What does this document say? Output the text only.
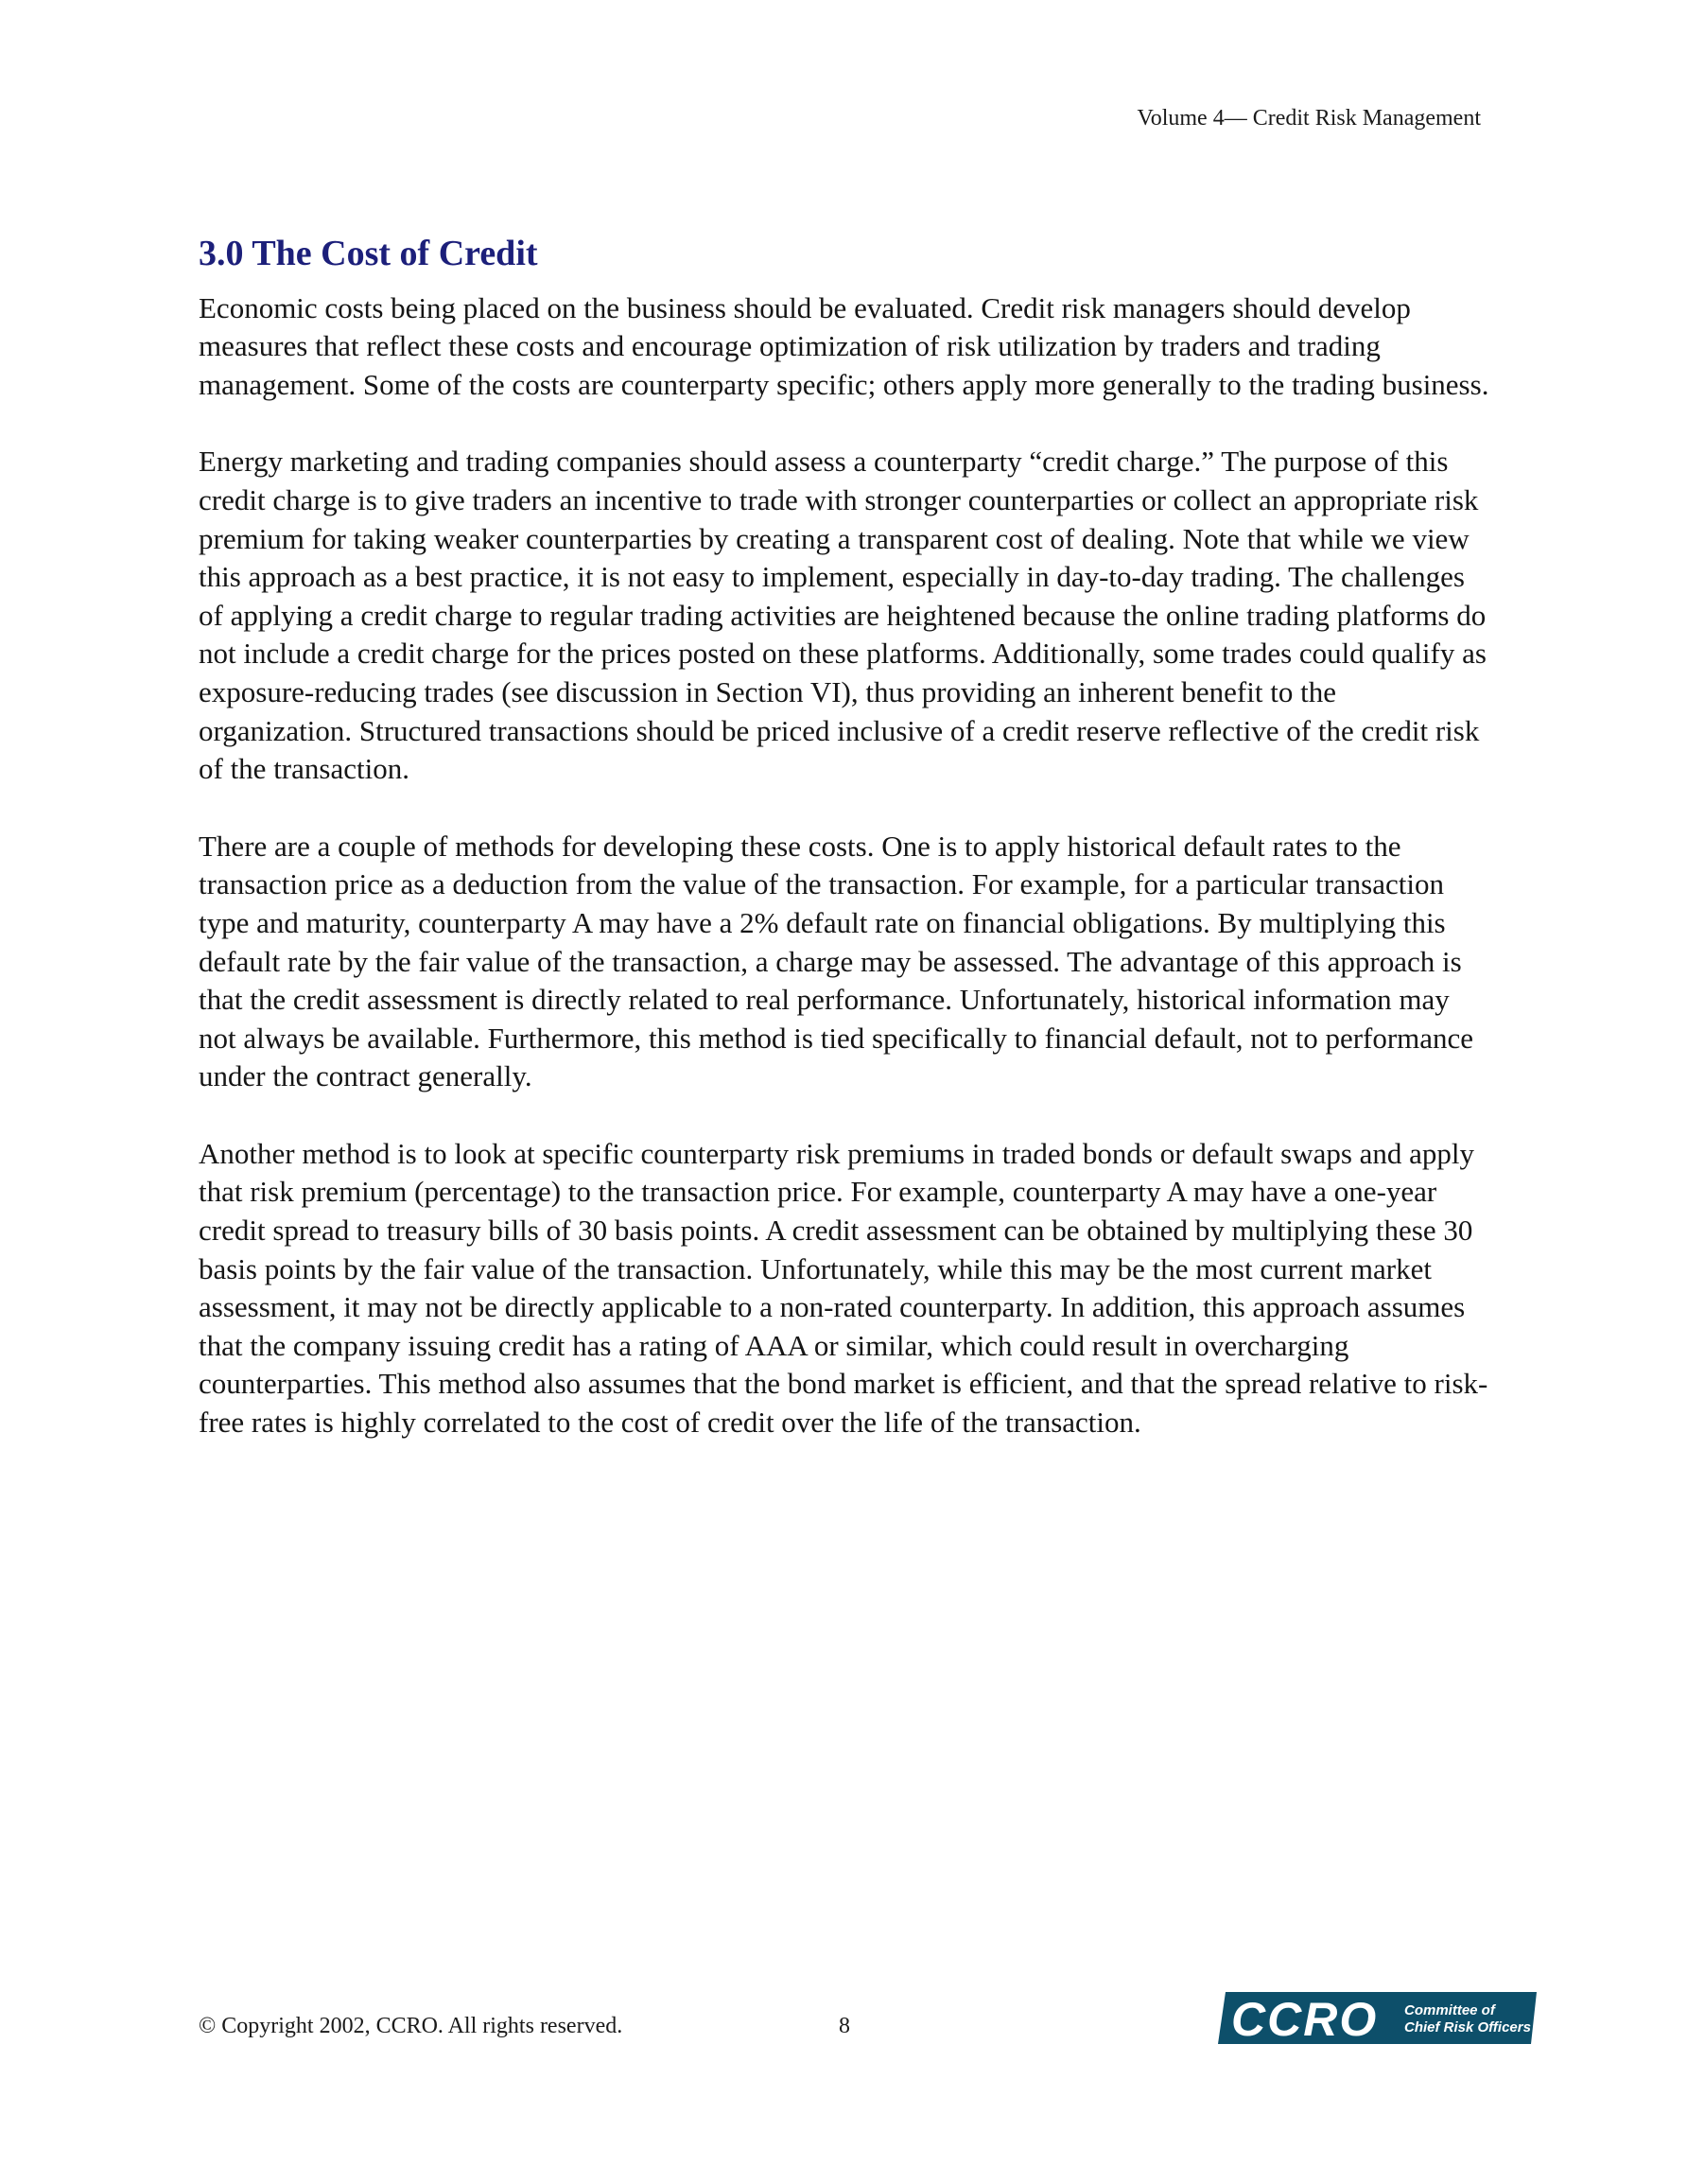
Volume 4— Credit Risk Management
3.0 The Cost of Credit

Economic costs being placed on the business should be evaluated. Credit risk managers should develop measures that reflect these costs and encourage optimization of risk utilization by traders and trading management. Some of the costs are counterparty specific; others apply more generally to the trading business.

Energy marketing and trading companies should assess a counterparty “credit charge.” The purpose of this credit charge is to give traders an incentive to trade with stronger counterparties or collect an appropriate risk premium for taking weaker counterparties by creating a transparent cost of dealing. Note that while we view this approach as a best practice, it is not easy to implement, especially in day-to-day trading. The challenges of applying a credit charge to regular trading activities are heightened because the online trading platforms do not include a credit charge for the prices posted on these platforms. Additionally, some trades could qualify as exposure-reducing trades (see discussion in Section VI), thus providing an inherent benefit to the organization. Structured transactions should be priced inclusive of a credit reserve reflective of the credit risk of the transaction.

There are a couple of methods for developing these costs. One is to apply historical default rates to the transaction price as a deduction from the value of the transaction. For example, for a particular transaction type and maturity, counterparty A may have a 2% default rate on financial obligations. By multiplying this default rate by the fair value of the transaction, a charge may be assessed. The advantage of this approach is that the credit assessment is directly related to real performance. Unfortunately, historical information may not always be available. Furthermore, this method is tied specifically to financial default, not to performance under the contract generally.

Another method is to look at specific counterparty risk premiums in traded bonds or default swaps and apply that risk premium (percentage) to the transaction price. For example, counterparty A may have a one-year credit spread to treasury bills of 30 basis points. A credit assessment can be obtained by multiplying these 30 basis points by the fair value of the transaction. Unfortunately, while this may be the most current market assessment, it may not be directly applicable to a non-rated counterparty. In addition, this approach assumes that the company issuing credit has a rating of AAA or similar, which could result in overcharging counterparties. This method also assumes that the bond market is efficient, and that the spread relative to risk-free rates is highly correlated to the cost of credit over the life of the transaction.

© Copyright 2002, CCRO. All rights reserved.	8	CCRO Committee of
Chief Risk Officers
